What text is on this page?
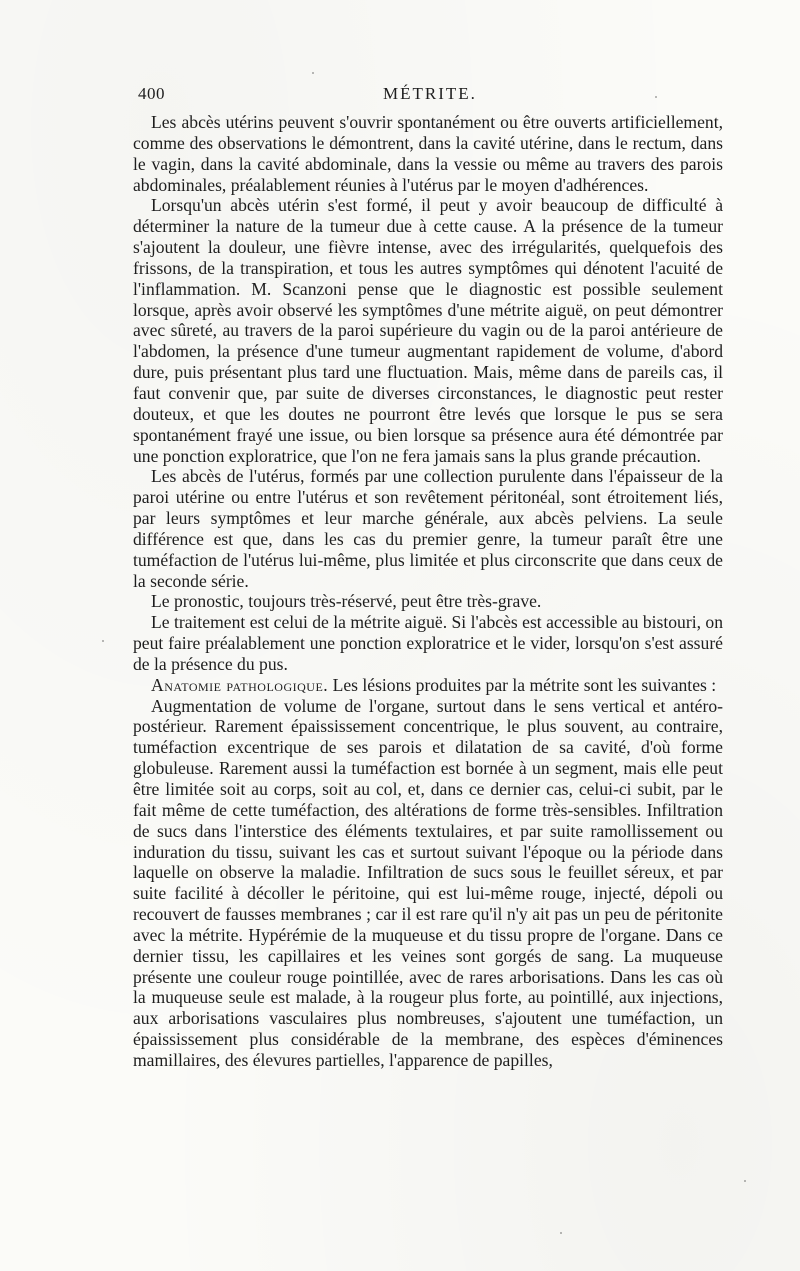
400	MÉTRITE.

Les abcès utérins peuvent s'ouvrir spontanément ou être ouverts artificiellement, comme des observations le démontrent, dans la cavité utérine, dans le rectum, dans le vagin, dans la cavité abdominale, dans la vessie ou même au travers des parois abdominales, préalablement réunies à l'utérus par le moyen d'adhérences.

Lorsqu'un abcès utérin s'est formé, il peut y avoir beaucoup de difficulté à déterminer la nature de la tumeur due à cette cause. A la présence de la tumeur s'ajoutent la douleur, une fièvre intense, avec des irrégularités, quelquefois des frissons, de la transpiration, et tous les autres symptômes qui dénotent l'acuité de l'inflammation. M. Scanzoni pense que le diagnostic est possible seulement lorsque, après avoir observé les symptômes d'une métrite aiguë, on peut démontrer avec sûreté, au travers de la paroi supérieure du vagin ou de la paroi antérieure de l'abdomen, la présence d'une tumeur augmentant rapidement de volume, d'abord dure, puis présentant plus tard une fluctuation. Mais, même dans de pareils cas, il faut convenir que, par suite de diverses circonstances, le diagnostic peut rester douteux, et que les doutes ne pourront être levés que lorsque le pus se sera spontanément frayé une issue, ou bien lorsque sa présence aura été démontrée par une ponction exploratrice, que l'on ne fera jamais sans la plus grande précaution.

Les abcès de l'utérus, formés par une collection purulente dans l'épaisseur de la paroi utérine ou entre l'utérus et son revêtement péritonéal, sont étroitement liés, par leurs symptômes et leur marche générale, aux abcès pelviens. La seule différence est que, dans les cas du premier genre, la tumeur paraît être une tuméfaction de l'utérus lui-même, plus limitée et plus circonscrite que dans ceux de la seconde série.

Le pronostic, toujours très-réservé, peut être très-grave.

Le traitement est celui de la métrite aiguë. Si l'abcès est accessible au bistouri, on peut faire préalablement une ponction exploratrice et le vider, lorsqu'on s'est assuré de la présence du pus.

Anatomie pathologique. Les lésions produites par la métrite sont les suivantes :

Augmentation de volume de l'organe, surtout dans le sens vertical et antéro-postérieur. Rarement épaississement concentrique, le plus souvent, au contraire, tuméfaction excentrique de ses parois et dilatation de sa cavité, d'où forme globuleuse. Rarement aussi la tuméfaction est bornée à un segment, mais elle peut être limitée soit au corps, soit au col, et, dans ce dernier cas, celui-ci subit, par le fait même de cette tuméfaction, des altérations de forme très-sensibles. Infiltration de sucs dans l'interstice des éléments textulaires, et par suite ramollissement ou induration du tissu, suivant les cas et surtout suivant l'époque ou la période dans laquelle on observe la maladie. Infiltration de sucs sous le feuillet séreux, et par suite facilité à décoller le péritoine, qui est lui-même rouge, injecté, dépoli ou recouvert de fausses membranes ; car il est rare qu'il n'y ait pas un peu de péritonite avec la métrite. Hypérémie de la muqueuse et du tissu propre de l'organe. Dans ce dernier tissu, les capillaires et les veines sont gorgés de sang. La muqueuse présente une couleur rouge pointillée, avec de rares arborisations. Dans les cas où la muqueuse seule est malade, à la rougeur plus forte, au pointillé, aux injections, aux arborisations vasculaires plus nombreuses, s'ajoutent une tuméfaction, un épaississement plus considérable de la membrane, des espèces d'éminences mamillaires, des élevures partielles, l'apparence de papilles,
